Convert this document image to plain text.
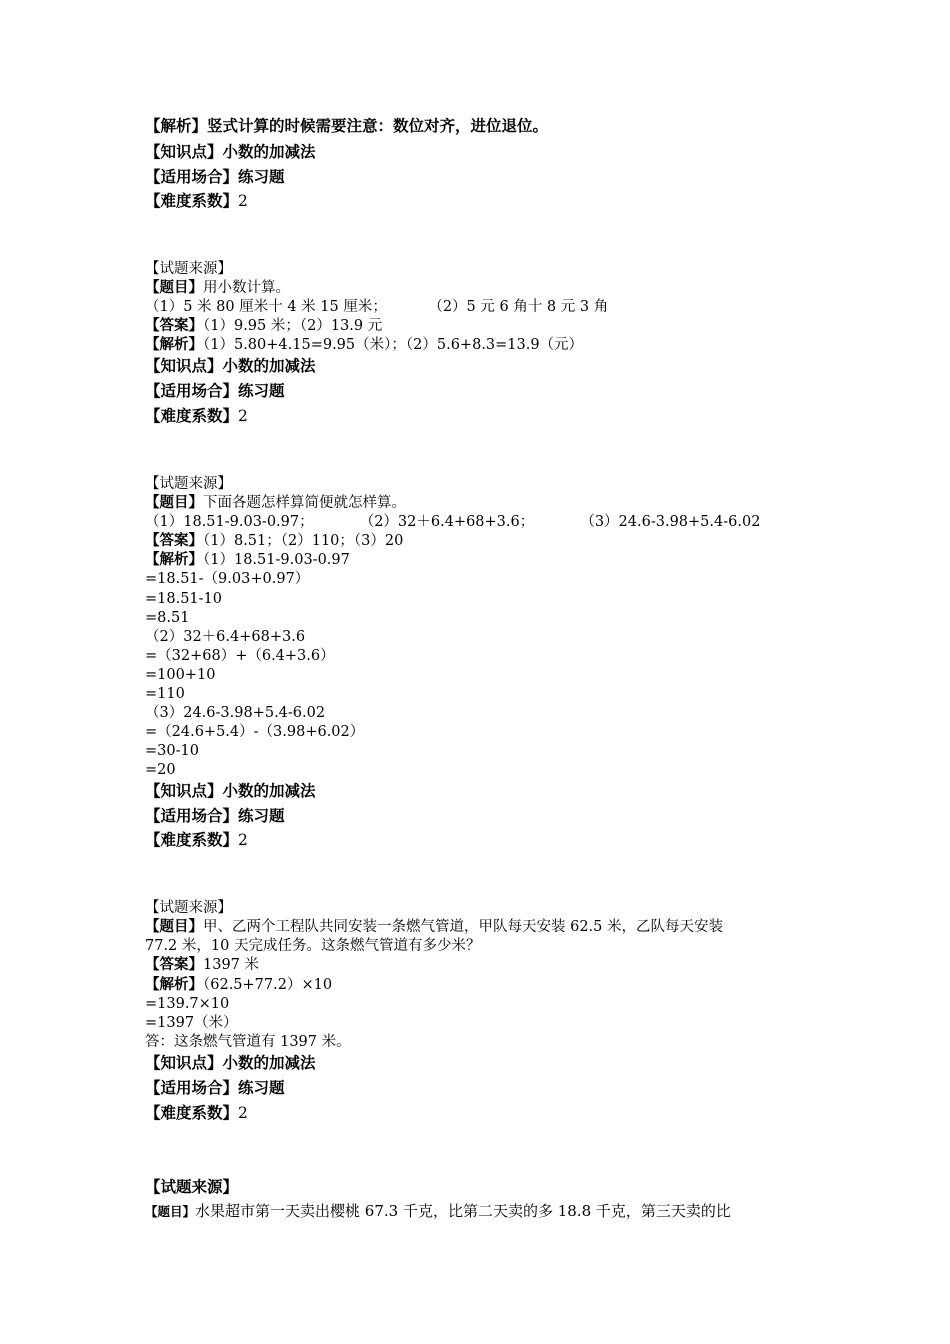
【解析】竖式计算的时候需要注意：数位对齐，进位退位。
【知识点】小数的加减法
【适用场合】练习题
【难度系数】2
【试题来源】
【题目】用小数计算。
（1）5 米 80 厘米十 4 米 15 厘米；         （2）5 元 6 角十 8 元 3 角
【答案】（1）9.95 米；（2）13.9 元
【解析】（1）5.80+4.15=9.95（米）；（2）5.6+8.3=13.9（元）
【知识点】小数的加减法
【适用场合】练习题
【难度系数】2
【试题来源】
【题目】下面各题怎样算简便就怎样算。
（1）18.51-9.03-0.97；          （2）32＋6.4+68+3.6；          （3）24.6-3.98+5.4-6.02
【答案】（1）8.51；（2）110；（3）20
【解析】（1）18.51-9.03-0.97
=18.51-（9.03+0.97）
=18.51-10
=8.51
（2）32＋6.4+68+3.6
=（32+68）+（6.4+3.6）
=100+10
=110
（3）24.6-3.98+5.4-6.02
=（24.6+5.4）-（3.98+6.02）
=30-10
=20
【知识点】小数的加减法
【适用场合】练习题
【难度系数】2
【试题来源】
【题目】甲、乙两个工程队共同安装一条燃气管道，甲队每天安装 62.5 米，乙队每天安装
77.2 米，10 天完成任务。这条燃气管道有多少米？
【答案】1397 米
【解析】（62.5+77.2）×10
=139.7×10
=1397（米）
答：这条燃气管道有 1397 米。
【知识点】小数的加减法
【适用场合】练习题
【难度系数】2
【试题来源】
【题目】水果超市第一天卖出樱桃 67.3 千克，比第二天卖的多 18.8 千克，第三天卖的比
